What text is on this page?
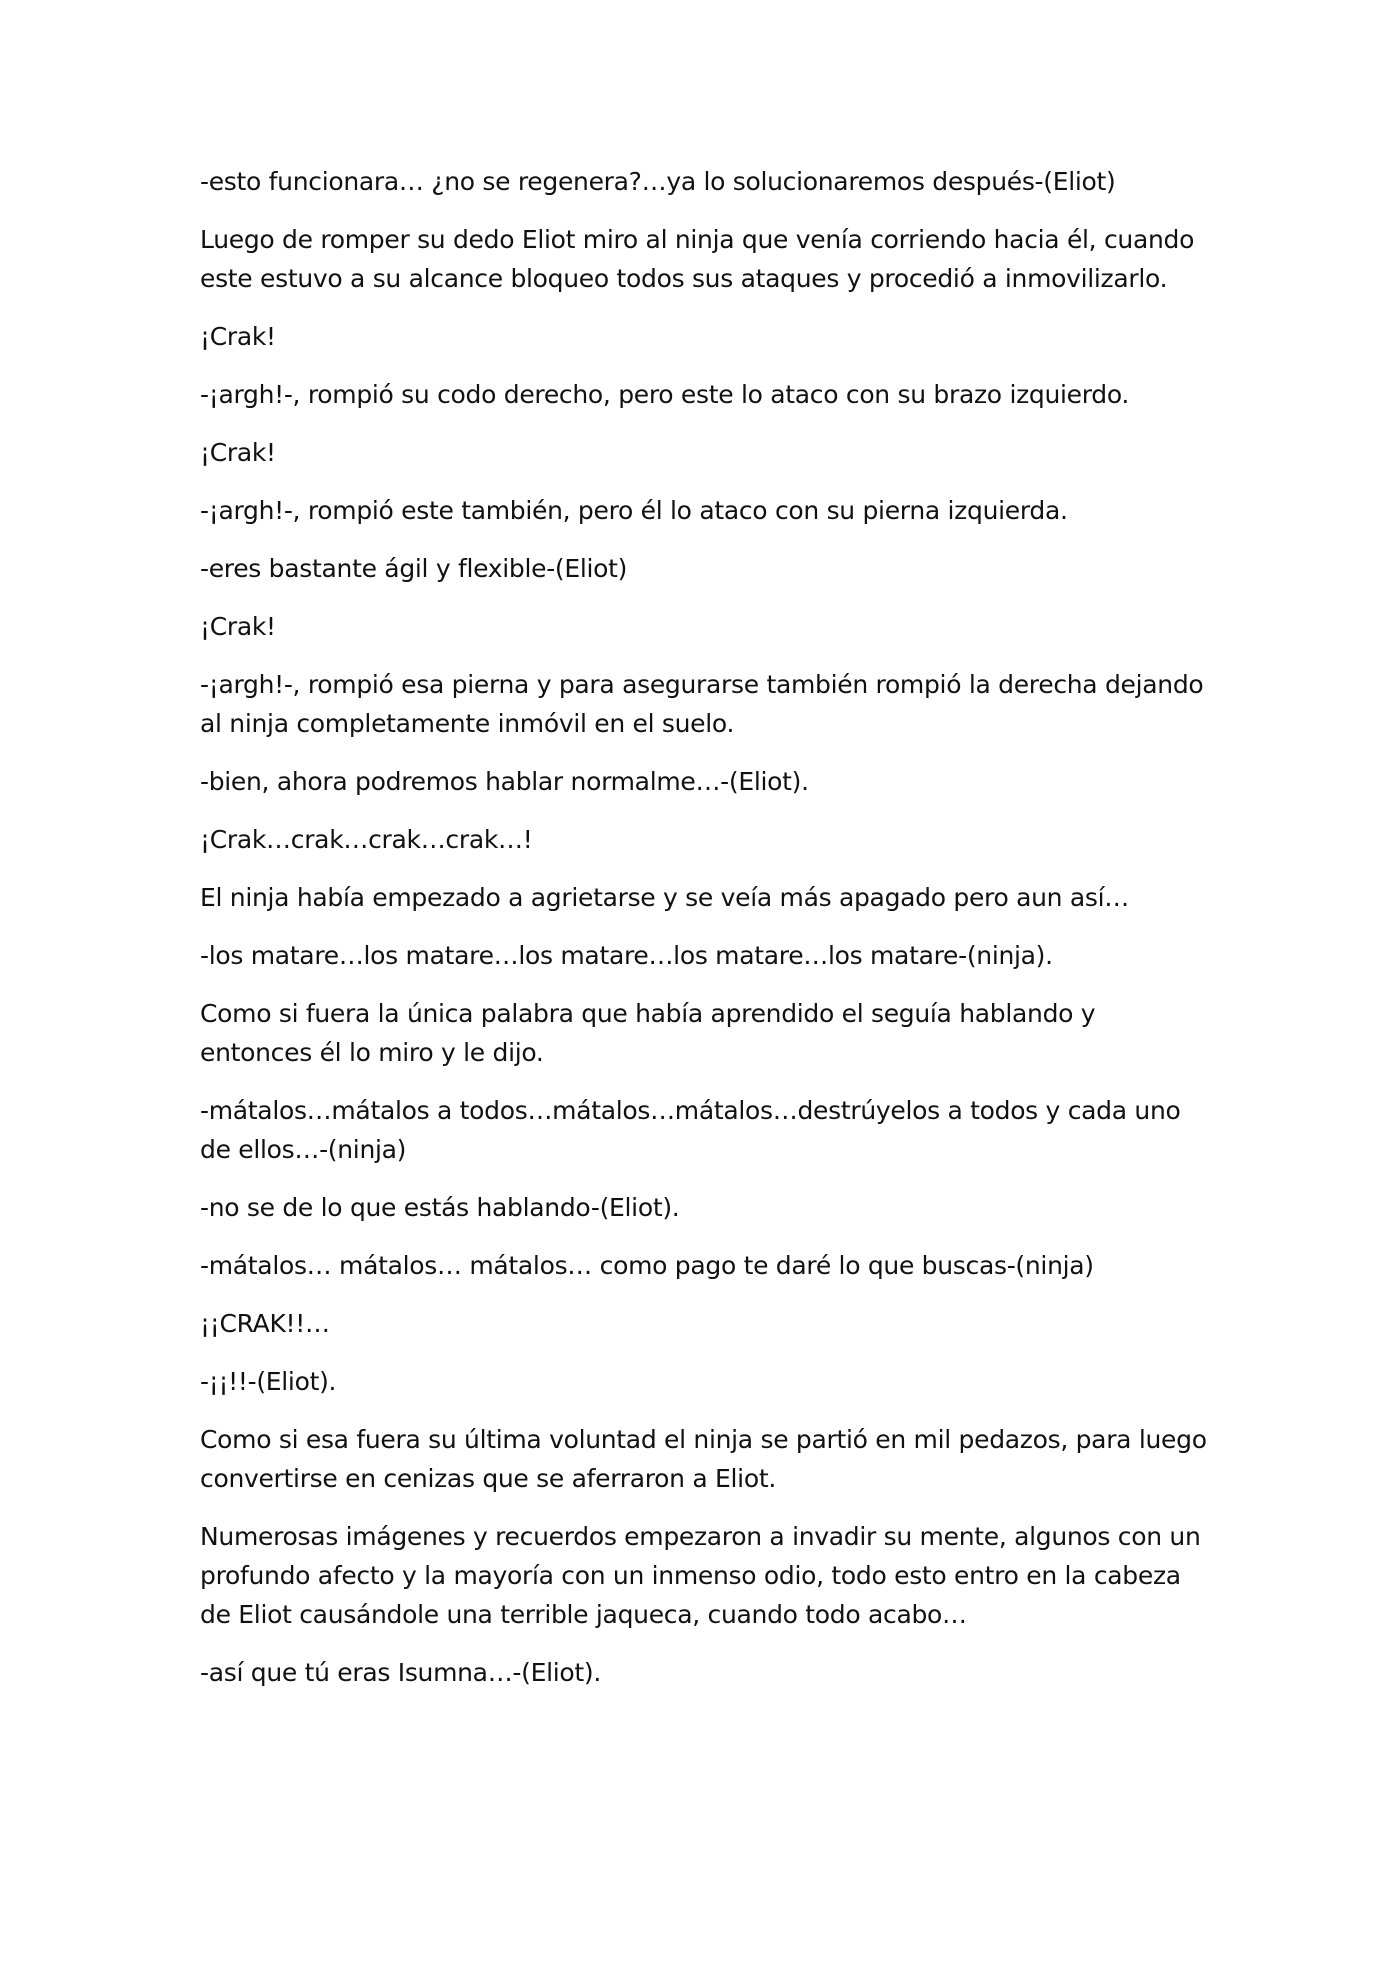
-esto funcionara… ¿no se regenera?…ya lo solucionaremos después-(Eliot)

Luego de romper su dedo Eliot miro al ninja que venía corriendo hacia él, cuando este estuvo a su alcance bloqueo todos sus ataques y procedió a inmovilizarlo.

¡Crak!

-¡argh!-, rompió su codo derecho, pero este lo ataco con su brazo izquierdo.

¡Crak!

-¡argh!-, rompió este también, pero él lo ataco con su pierna izquierda.

-eres bastante ágil y flexible-(Eliot)

¡Crak!

-¡argh!-, rompió esa pierna y para asegurarse también rompió la derecha dejando al ninja completamente inmóvil en el suelo.

-bien, ahora podremos hablar normalme…-(Eliot).

¡Crak…crak…crak…crak…!

El ninja había empezado a agrietarse y se veía más apagado pero aun así…

-los matare…los matare…los matare…los matare…los matare-(ninja).

Como si fuera la única palabra que había aprendido el seguía hablando y entonces él lo miro y le dijo.

-mátalos…mátalos a todos…mátalos…mátalos…destrúyelos a todos y cada uno de ellos…-(ninja)

-no se de lo que estás hablando-(Eliot).

-mátalos… mátalos… mátalos… como pago te daré lo que buscas-(ninja)

¡¡CRAK!!…

-¡¡!!-(Eliot).

Como si esa fuera su última voluntad el ninja se partió en mil pedazos, para luego convertirse en cenizas que se aferraron a Eliot.

Numerosas imágenes y recuerdos empezaron a invadir su mente, algunos con un profundo afecto y la mayoría con un inmenso odio, todo esto entro en la cabeza de Eliot causándole una terrible jaqueca, cuando todo acabo…

-así que tú eras Isumna…-(Eliot).
